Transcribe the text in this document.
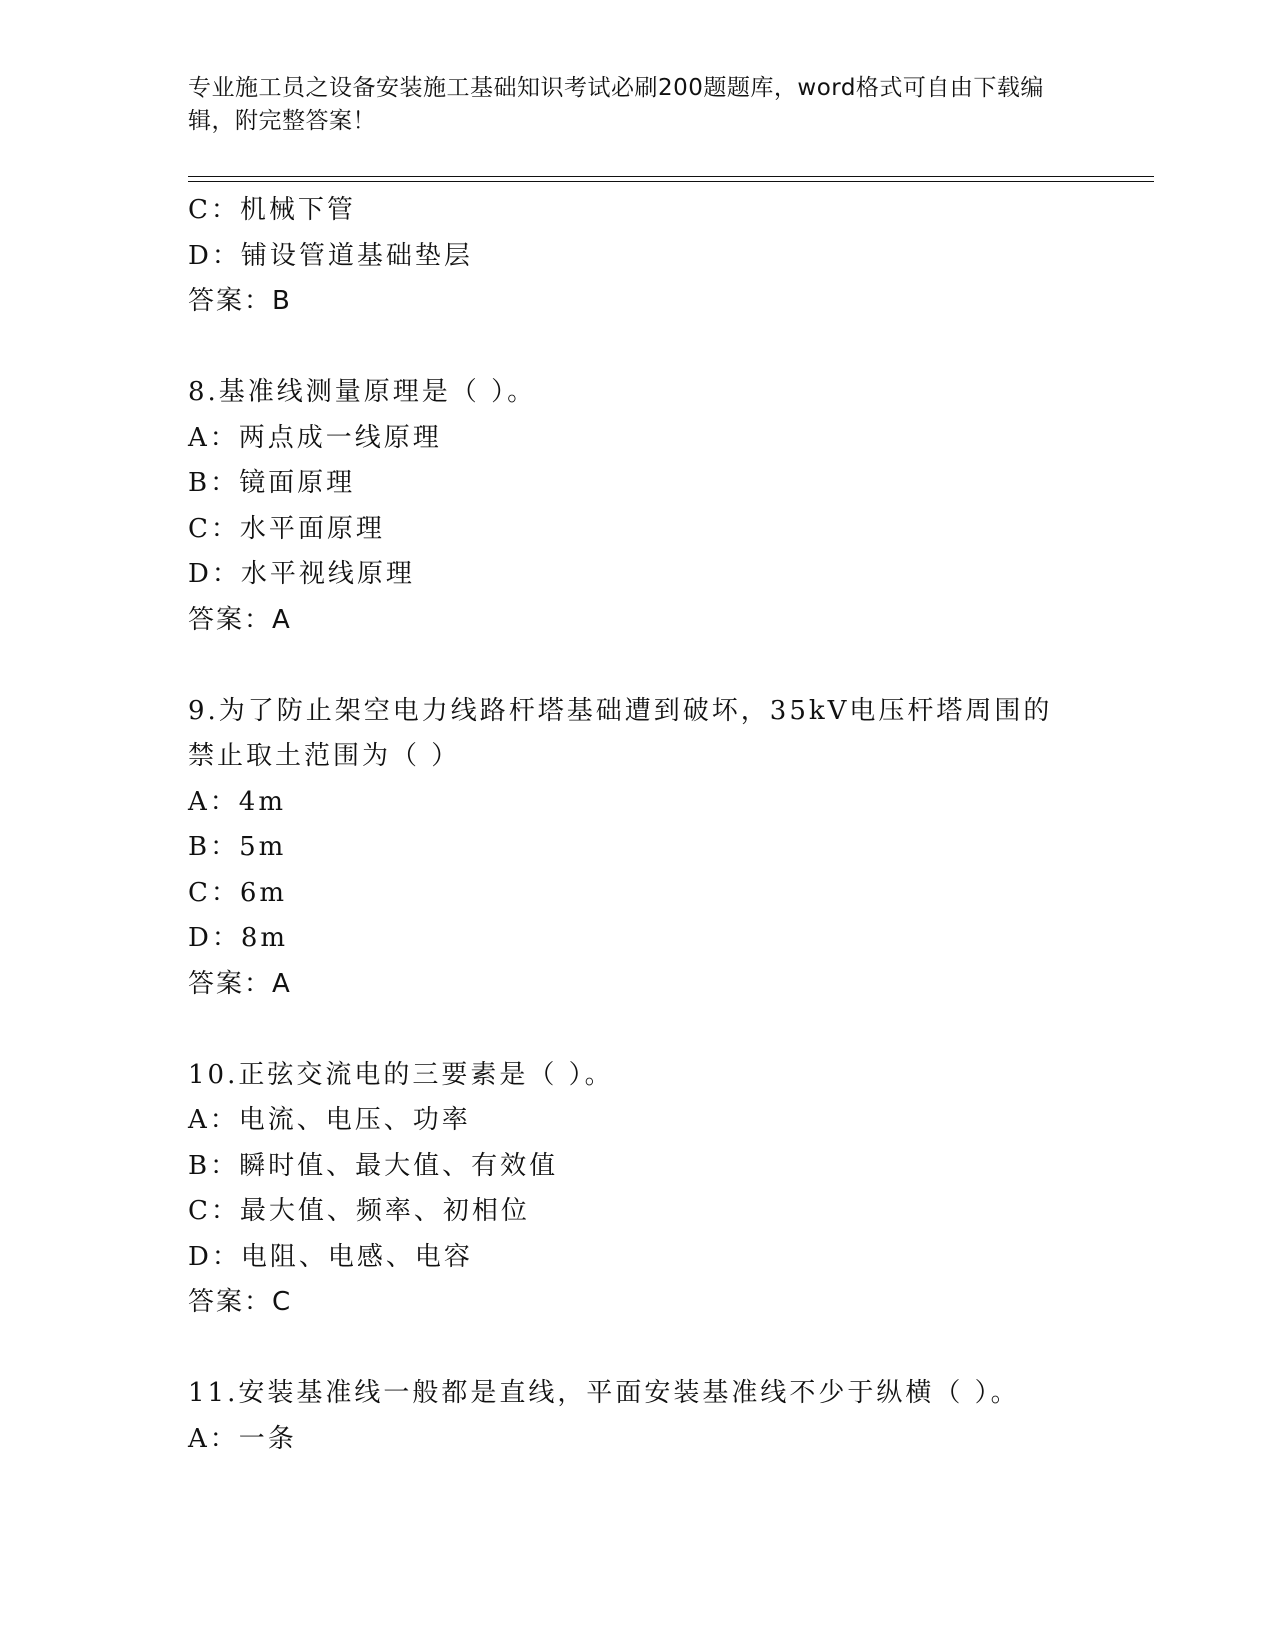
专业施工员之设备安装施工基础知识考试必刷200题题库，word格式可自由下载编辑，附完整答案！
C：机械下管
D：铺设管道基础垫层
答案：B
8.基准线测量原理是（ ）。
A：两点成一线原理
B：镜面原理
C：水平面原理
D：水平视线原理
答案：A
9.为了防止架空电力线路杆塔基础遭到破坏，35kV电压杆塔周围的禁止取土范围为（ ）
A：4m
B：5m
C：6m
D：8m
答案：A
10.正弦交流电的三要素是（ ）。
A：电流、电压、功率
B：瞬时值、最大值、有效值
C：最大值、频率、初相位
D：电阻、电感、电容
答案：C
11.安装基准线一般都是直线，平面安装基准线不少于纵横（ ）。
A：一条
